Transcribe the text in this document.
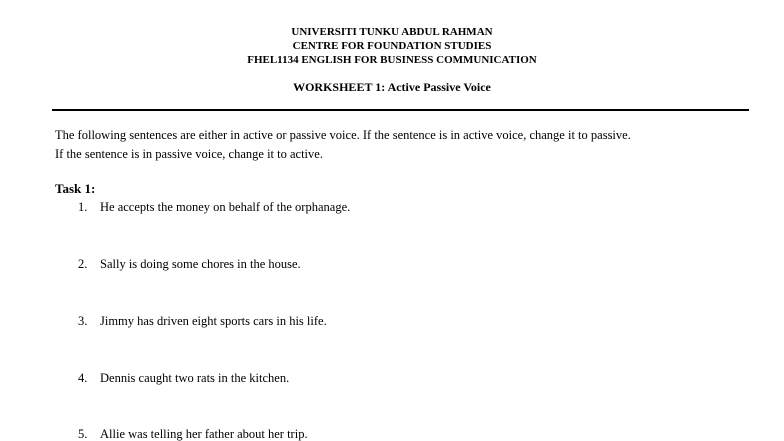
UNIVERSITI TUNKU ABDUL RAHMAN
CENTRE FOR FOUNDATION STUDIES
FHEL1134 ENGLISH FOR BUSINESS COMMUNICATION
WORKSHEET 1: Active Passive Voice
The following sentences are either in active or passive voice. If the sentence is in active voice, change it to passive.
If the sentence is in passive voice, change it to active.
Task 1:
1. He accepts the money on behalf of the orphanage.
2. Sally is doing some chores in the house.
3. Jimmy has driven eight sports cars in his life.
4. Dennis caught two rats in the kitchen.
5. Allie was telling her father about her trip.
